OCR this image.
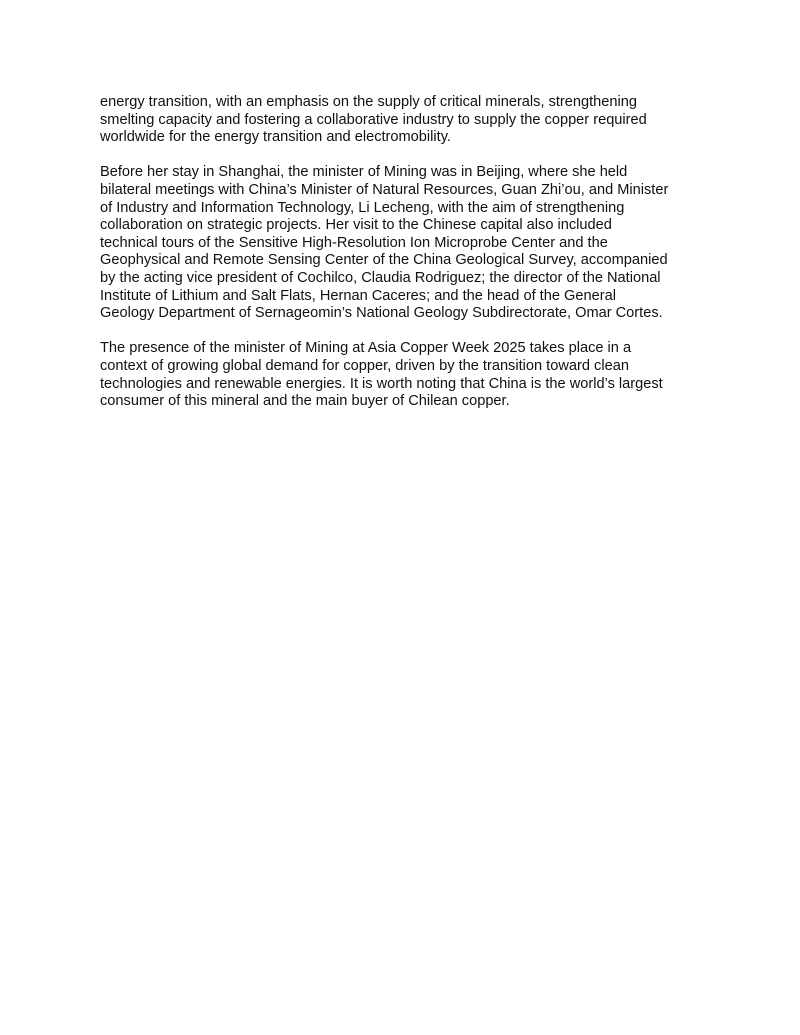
energy transition, with an emphasis on the supply of critical minerals, strengthening
smelting capacity and fostering a collaborative industry to supply the copper required
worldwide for the energy transition and electromobility.

Before her stay in Shanghai, the minister of Mining was in Beijing, where she held
bilateral meetings with China’s Minister of Natural Resources, Guan Zhi’ou, and Minister
of Industry and Information Technology, Li Lecheng, with the aim of strengthening
collaboration on strategic projects. Her visit to the Chinese capital also included
technical tours of the Sensitive High-Resolution Ion Microprobe Center and the
Geophysical and Remote Sensing Center of the China Geological Survey, accompanied
by the acting vice president of Cochilco, Claudia Rodriguez; the director of the National
Institute of Lithium and Salt Flats, Hernan Caceres; and the head of the General
Geology Department of Sernageomin’s National Geology Subdirectorate, Omar Cortes.

The presence of the minister of Mining at Asia Copper Week 2025 takes place in a
context of growing global demand for copper, driven by the transition toward clean
technologies and renewable energies. It is worth noting that China is the world’s largest
consumer of this mineral and the main buyer of Chilean copper.
